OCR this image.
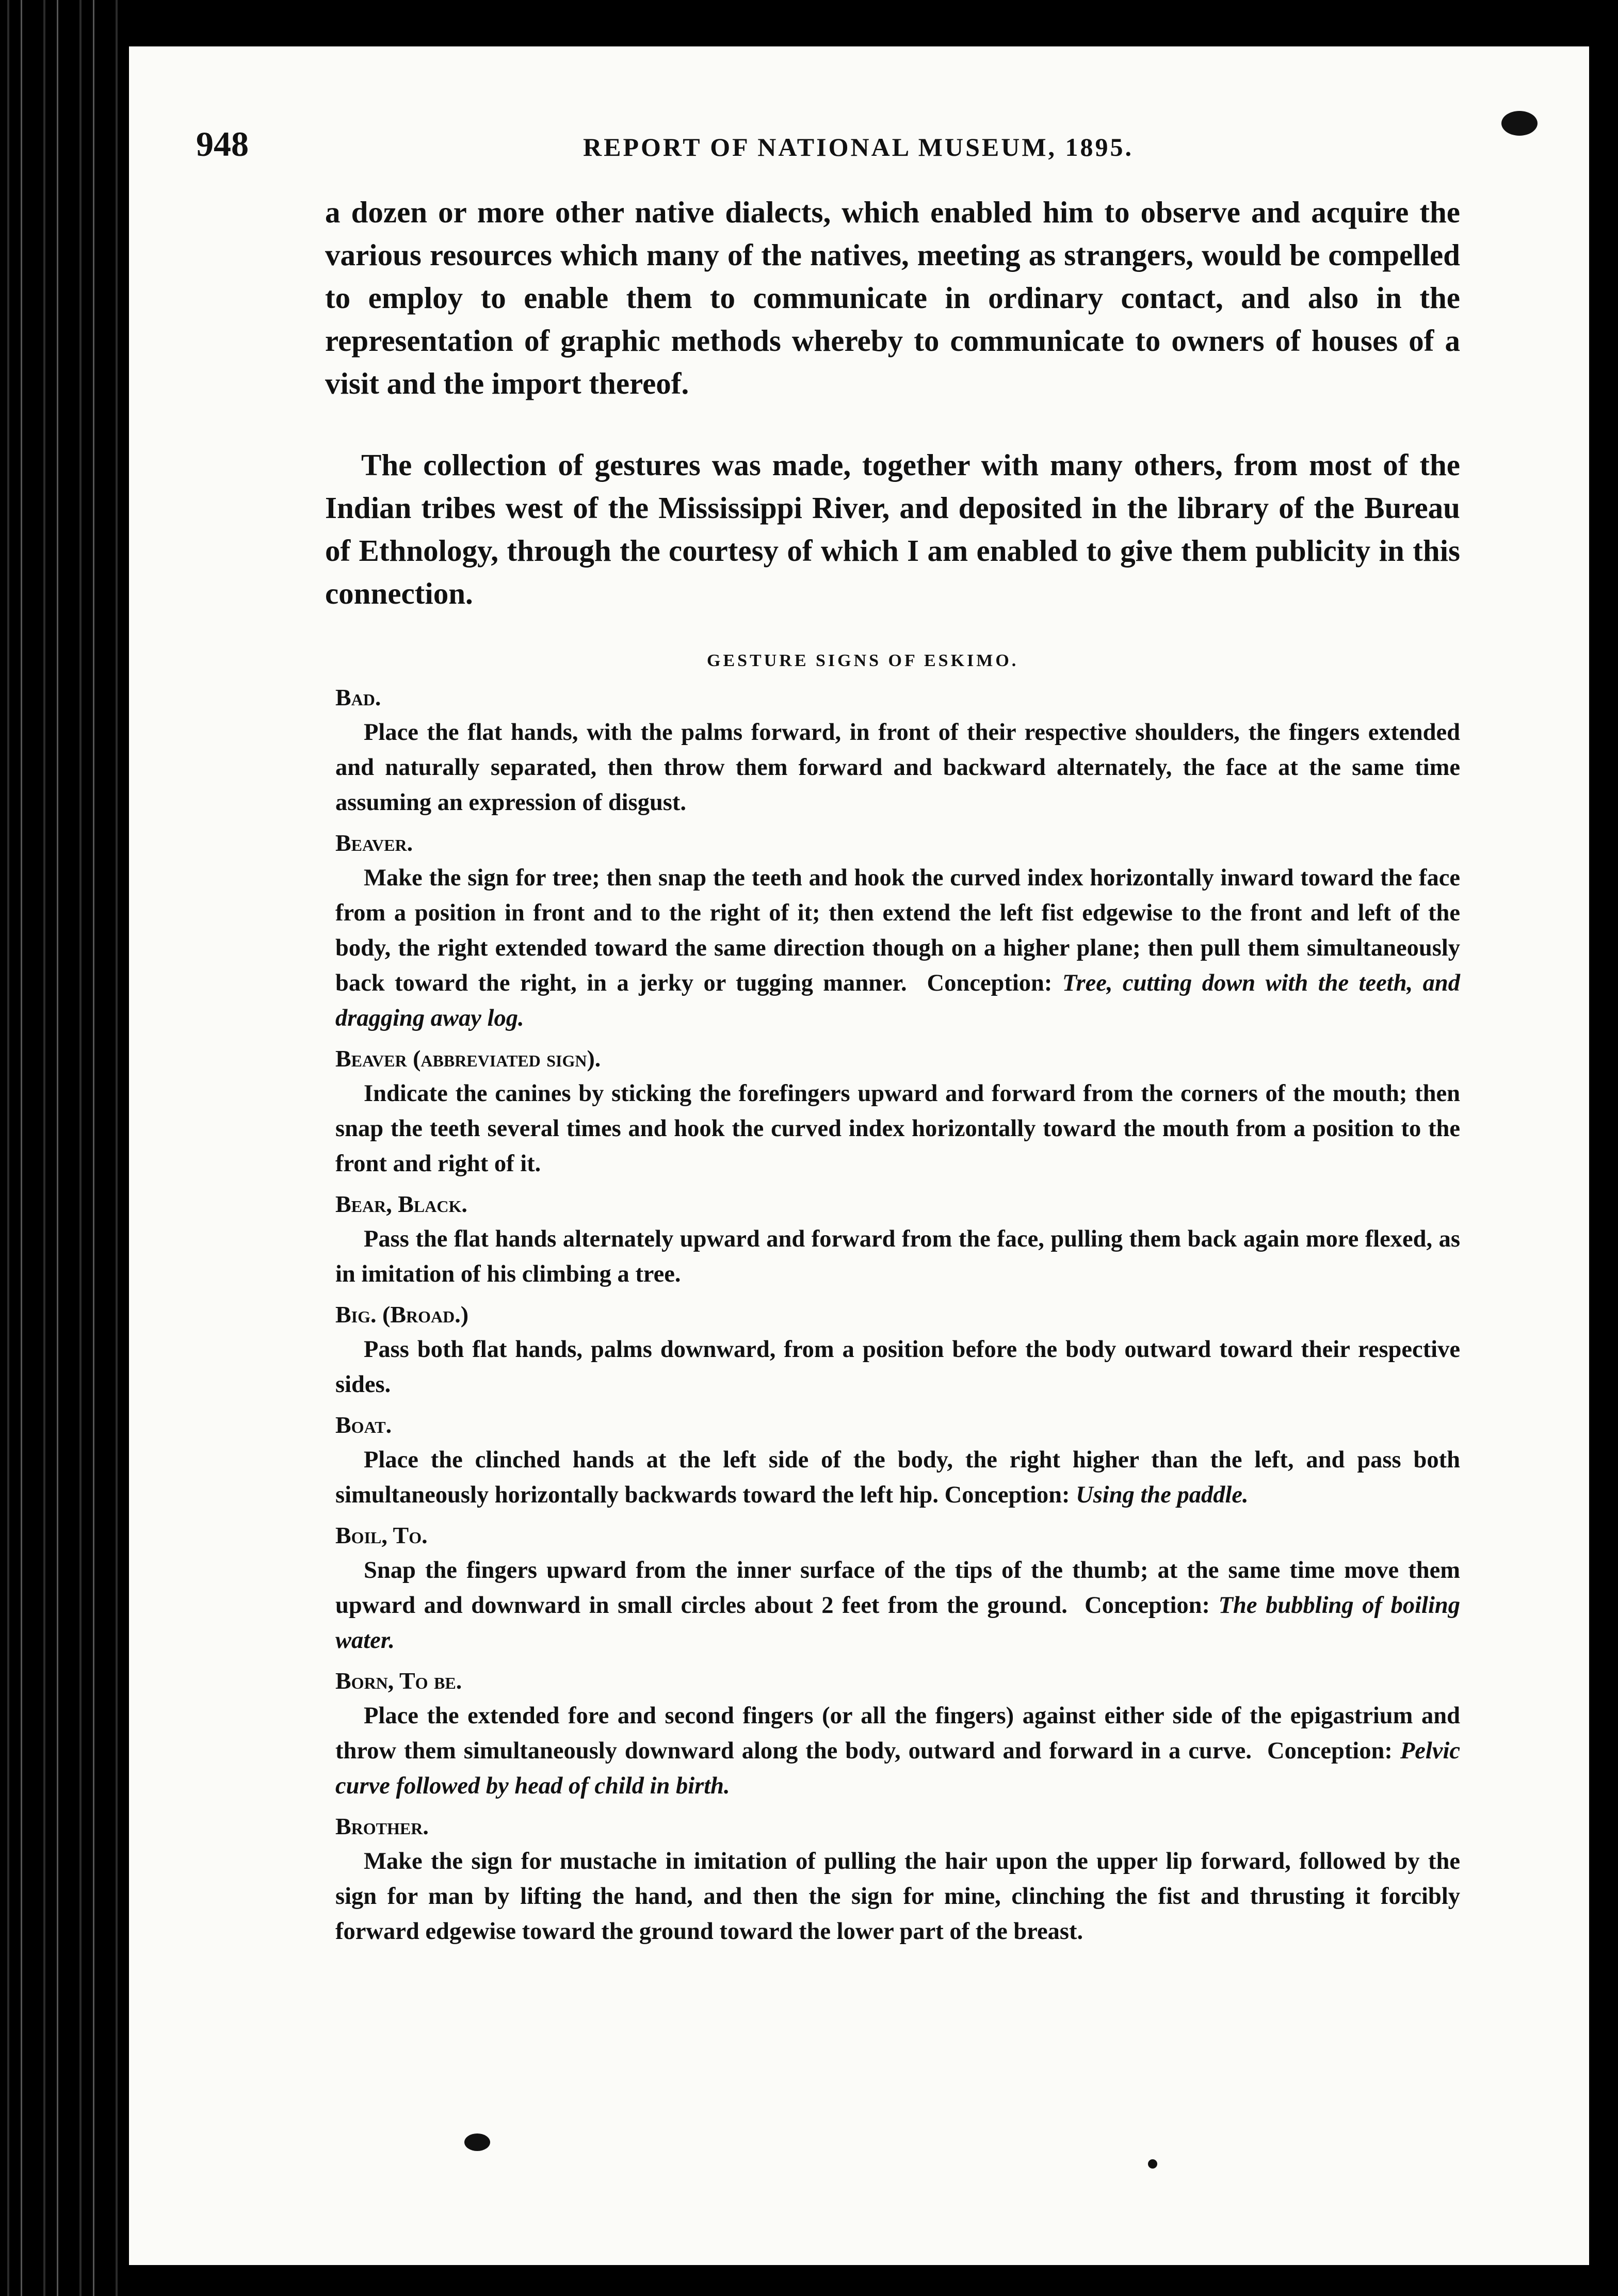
948	REPORT OF NATIONAL MUSEUM, 1895.

a dozen or more other native dialects, which enabled him to observe and acquire the various resources which many of the natives, meeting as strangers, would be compelled to employ to enable them to communicate in ordinary contact, and also in the representation of graphic methods whereby to communicate to owners of houses of a visit and the import thereof.

The collection of gestures was made, together with many others, from most of the Indian tribes west of the Mississippi River, and deposited in the library of the Bureau of Ethnology, through the courtesy of which I am enabled to give them publicity in this connection.

GESTURE SIGNS OF ESKIMO.
Bad.
Place the flat hands, with the palms forward, in front of their respective shoulders, the fingers extended and naturally separated, then throw them forward and backward alternately, the face at the same time assuming an expression of disgust.
Beaver.
Make the sign for tree; then snap the teeth and hook the curved index horizontally inward toward the face from a position in front and to the right of it; then extend the left fist edgewise to the front and left of the body, the right extended toward the same direction though on a higher plane; then pull them simultaneously back toward the right, in a jerky or tugging manner. Conception: Tree, cutting down with the teeth, and dragging away log.
Beaver (abbreviated sign).
Indicate the canines by sticking the forefingers upward and forward from the corners of the mouth; then snap the teeth several times and hook the curved index horizontally toward the mouth from a position to the front and right of it.
Bear, Black.
Pass the flat hands alternately upward and forward from the face, pulling them back again more flexed, as in imitation of his climbing a tree.
Big. (Broad.)
Pass both flat hands, palms downward, from a position before the body outward toward their respective sides.
Boat.
Place the clinched hands at the left side of the body, the right higher than the left, and pass both simultaneously horizontally backwards toward the left hip. Conception: Using the paddle.
Boil, To.
Snap the fingers upward from the inner surface of the tips of the thumb; at the same time move them upward and downward in small circles about 2 feet from the ground. Conception: The bubbling of boiling water.
Born, To be.
Place the extended fore and second fingers (or all the fingers) against either side of the epigastrium and throw them simultaneously downward along the body, outward and forward in a curve. Conception: Pelvic curve followed by head of child in birth.
Brother.
Make the sign for mustache in imitation of pulling the hair upon the upper lip forward, followed by the sign for man by lifting the hand, and then the sign for mine, clinching the fist and thrusting it forcibly forward edgewise toward the ground toward the lower part of the breast.
